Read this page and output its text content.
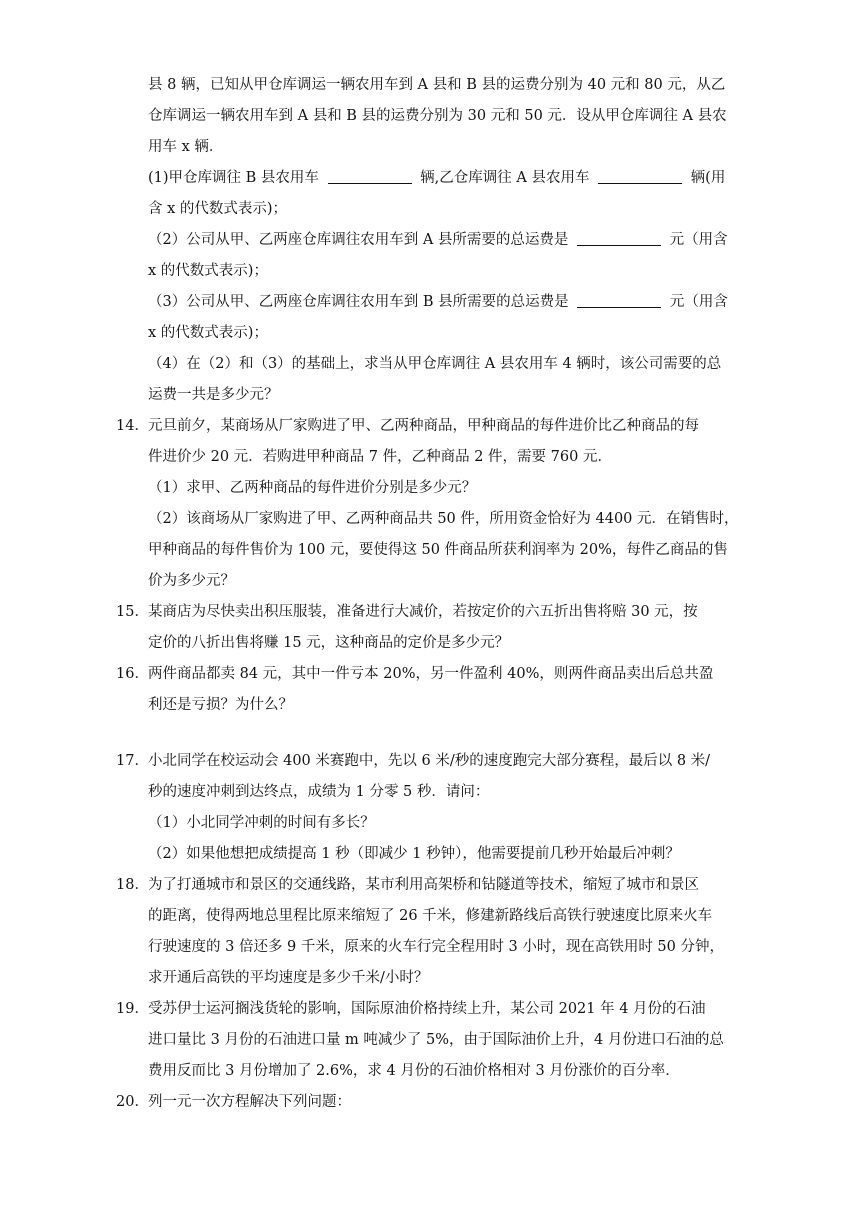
县 8 辆，已知从甲仓库调运一辆农用车到 A 县和 B 县的运费分别为 40 元和 80 元，从乙

仓库调运一辆农用车到 A 县和 B 县的运费分别为 30 元和 50 元．设从甲仓库调往 A 县农

用车 x 辆．

(1)甲仓库调往 B 县农用车	辆,乙仓库调往 A 县农用车	辆(用

含 x 的代数式表示)；

（2）公司从甲、乙两座仓库调往农用车到 A 县所需要的总运费是	元（用含

x 的代数式表示)；

（3）公司从甲、乙两座仓库调往农用车到 B 县所需要的总运费是	元（用含

x 的代数式表示)；

（4）在（2）和（3）的基础上，求当从甲仓库调往 A 县农用车 4 辆时，该公司需要的总

运费一共是多少元？

14． 元旦前夕，某商场从厂家购进了甲、乙两种商品，甲种商品的每件进价比乙种商品的每

件进价少 20 元．若购进甲种商品 7 件，乙种商品 2 件，需要 760 元．

（1）求甲、乙两种商品的每件进价分别是多少元？

（2）该商场从厂家购进了甲、乙两种商品共 50 件，所用资金恰好为 4400 元．在销售时，

甲种商品的每件售价为 100 元，要使得这 50 件商品所获利润率为 20%，每件乙商品的售

价为多少元？

15． 某商店为尽快卖出积压服装，准备进行大减价，若按定价的六五折出售将赔 30 元，按

定价的八折出售将赚 15 元，这种商品的定价是多少元？

16． 两件商品都卖 84 元，其中一件亏本 20%，另一件盈利 40%，则两件商品卖出后总共盈

利还是亏损？为什么？

17． 小北同学在校运动会 400 米赛跑中，先以 6 米/秒的速度跑完大部分赛程，最后以 8 米/

秒的速度冲刺到达终点，成绩为 1 分零 5 秒．请问：

（1）小北同学冲刺的时间有多长？

（2）如果他想把成绩提高 1 秒（即减少 1 秒钟），他需要提前几秒开始最后冲刺？

18． 为了打通城市和景区的交通线路，某市利用高架桥和钻隧道等技术，缩短了城市和景区

的距离，使得两地总里程比原来缩短了 26 千米，修建新路线后高铁行驶速度比原来火车

行驶速度的 3 倍还多 9 千米，原来的火车行完全程用时 3 小时，现在高铁用时 50 分钟，

求开通后高铁的平均速度是多少千米/小时？

19． 受苏伊士运河搁浅货轮的影响，国际原油价格持续上升，某公司 2021 年 4 月份的石油

进口量比 3 月份的石油进口量 m 吨减少了 5%，由于国际油价上升，4 月份进口石油的总

费用反而比 3 月份增加了 2.6%，求 4 月份的石油价格相对 3 月份涨价的百分率．

20． 列一元一次方程解决下列问题：
